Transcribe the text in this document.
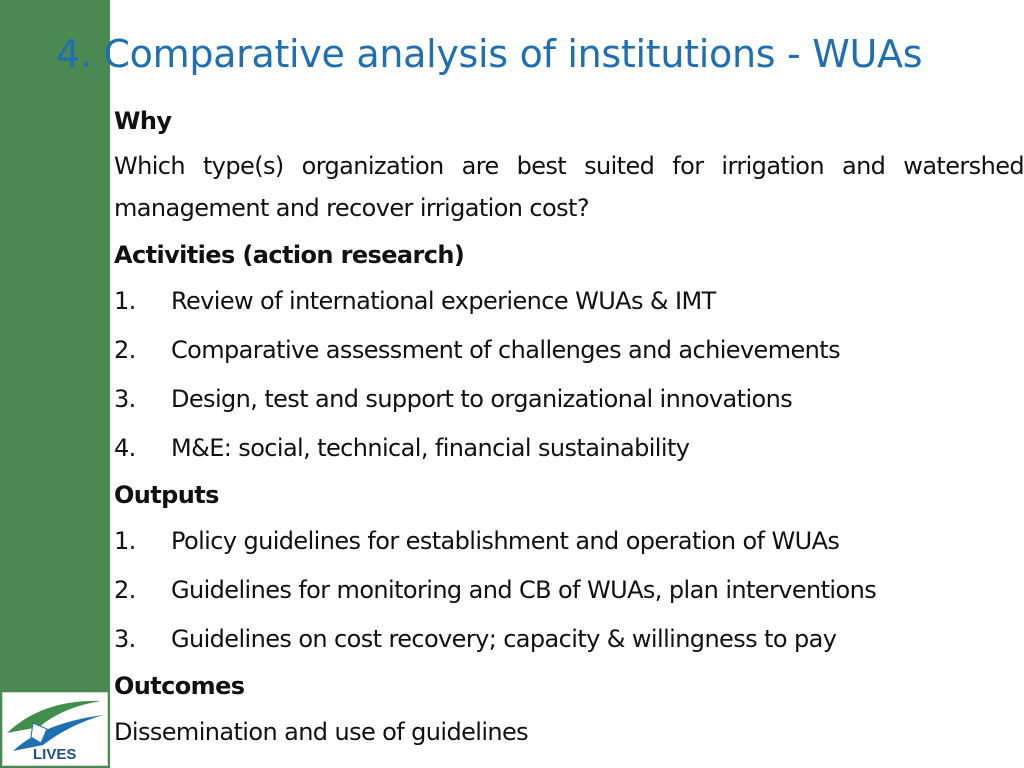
LIVES
4. Comparative analysis of institutions - WUAs
Why

Which type(s) organization are best suited for irrigation and watershed management and recover irrigation cost?

Activities (action research)
1.	Review of international experience WUAs & IMT
2.	Comparative assessment of challenges and achievements
3.	Design, test and support to organizational innovations
4.	M&E: social, technical, financial sustainability
Outputs
1.	Policy guidelines for establishment and operation of WUAs
2.	Guidelines for monitoring and CB of WUAs, plan interventions
3.	Guidelines on cost recovery; capacity & willingness to pay
Outcomes
Dissemination and use of guidelines
